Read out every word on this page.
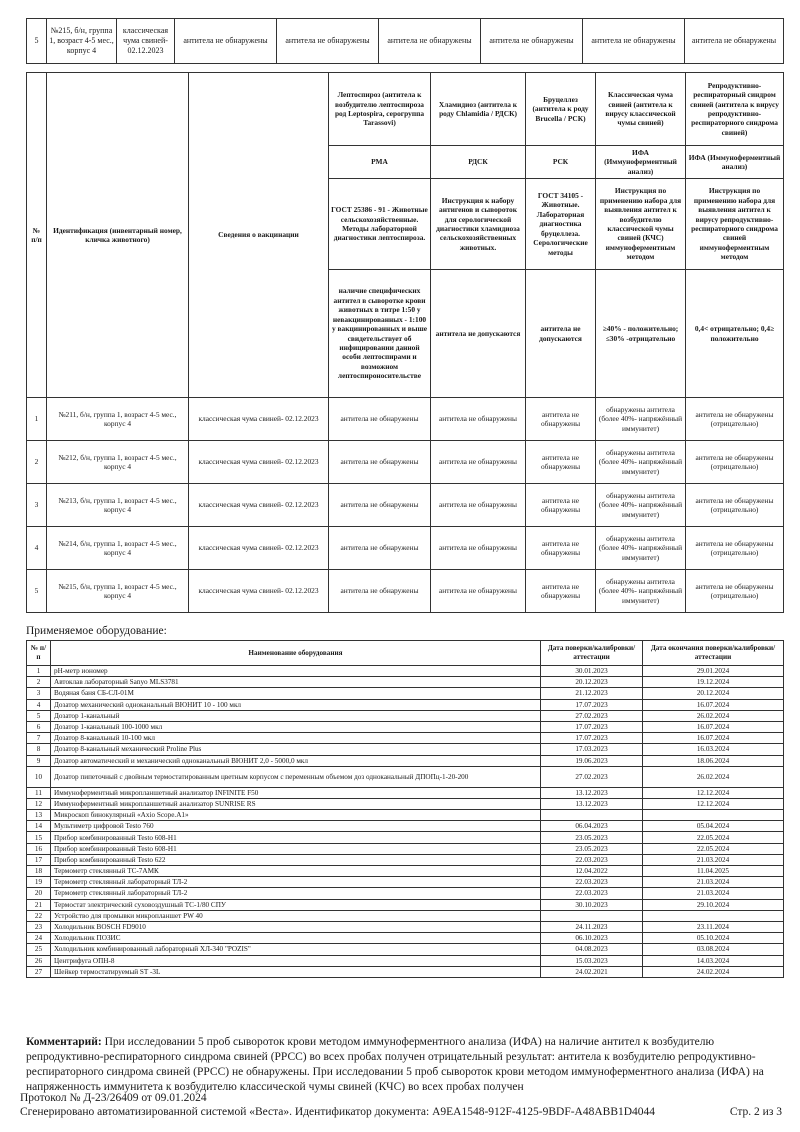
5	№215, б/н, группа 1, возраст 4-5 мес., корпус 4	классическая чума свиней- 02.12.2023	антитела не обнаружены	антитела не обнаружены	антитела не обнаружены	антитела не обнаружены	антитела не обнаружены	антитела не обнаружены
№ п/п	Идентификация (инвентарный номер, кличка животного)	Сведения о вакцинации	Лептоспироз (антитела к возбудителю лептоспироза род Leptospira, серогруппа Tarassovi)	Хламидиоз (антитела к роду Chlamidia / РДСК)	Бруцеллез (антитела к роду Brucella / РСК)	Классическая чума свиней (антитела к вирусу классической чумы свиней)	Репродуктивно-респираторный синдром свиней (антитела к вирусу репродуктивно-респираторного синдрома свиней)
			РМА	РДСК	РСК	ИФА (Иммуноферментный анализ)	ИФА (Иммуноферментный анализ)
			ГОСТ 25386 - 91 - Животные сельскохозяйственные. Методы лабораторной диагностики лептоспироза.	Инструкция к набору антигенов и сывороток для серологической диагностики хламидиоза сельскохозяйственных животных.	ГОСТ 34105 - Животные. Лабораторная диагностика бруцеллеза. Серологические методы	Инструкция по применению набора для выявления антител к возбудителю классической чумы свиней (КЧС) иммуноферментным методом	Инструкция по применению набора для выявления антител к вирусу репродуктивно-респираторного синдрома свиней иммуноферментным методом
			наличие специфических антител в сыворотке крови животных в титре 1:50 у невакцинированных - 1:100 у вакцинированных и выше свидетельствует об инфицировании данной особи лептоспирами и возможном лептоспироносительстве	антитела не допускаются	антитела не допускаются	≥40% - положительно; ≤30% -отрицательно	0,4< отрицательно; 0,4≥ положительно
1	№211, б/н, группа 1, возраст 4-5 мес., корпус 4	классическая чума свиней- 02.12.2023	антитела не обнаружены	антитела не обнаружены	антитела не обнаружены	обнаружены антитела (более 40%- напряжённый иммунитет)	антитела не обнаружены (отрицательно)
2	№212, б/н, группа 1, возраст 4-5 мес., корпус 4	классическая чума свиней- 02.12.2023	антитела не обнаружены	антитела не обнаружены	антитела не обнаружены	обнаружены антитела (более 40%- напряжённый иммунитет)	антитела не обнаружены (отрицательно)
3	№213, б/н, группа 1, возраст 4-5 мес., корпус 4	классическая чума свиней- 02.12.2023	антитела не обнаружены	антитела не обнаружены	антитела не обнаружены	обнаружены антитела (более 40%- напряжённый иммунитет)	антитела не обнаружены (отрицательно)
4	№214, б/н, группа 1, возраст 4-5 мес., корпус 4	классическая чума свиней- 02.12.2023	антитела не обнаружены	антитела не обнаружены	антитела не обнаружены	обнаружены антитела (более 40%- напряжённый иммунитет)	антитела не обнаружены (отрицательно)
5	№215, б/н, группа 1, возраст 4-5 мес., корпус 4	классическая чума свиней- 02.12.2023	антитела не обнаружены	антитела не обнаружены	антитела не обнаружены	обнаружены антитела (более 40%- напряжённый иммунитет)	антитела не обнаружены (отрицательно)
Применяемое оборудование:
№ п/п	Наименование оборудования	Дата поверки/калибровки/аттестации	Дата окончания поверки/калибровки/аттестации
1	pH-метр иономер	30.01.2023	29.01.2024
2	Автоклав лабораторный Sanyo MLS3781	20.12.2023	19.12.2024
3	Водяная баня СБ-СЛ-01М	21.12.2023	20.12.2024
4	Дозатор механический одноканальный ВЮНИТ 10 - 100 мкл	17.07.2023	16.07.2024
5	Дозатор 1-канальный	27.02.2023	26.02.2024
6	Дозатор 1-канальный 100-1000 мкл	17.07.2023	16.07.2024
7	Дозатор 8-канальный 10-100 мкл	17.07.2023	16.07.2024
8	Дозатор 8-канальный механический Proline Plus	17.03.2023	16.03.2024
9	Дозатор автоматический и механический одноканальный ВЮНИТ 2,0 - 5000,0 мкл	19.06.2023	18.06.2024
10	Дозатор пипеточный с двойным термостатированным цветным корпусом с переменным объемом доз одноканальный ДПОПц-1-20-200	27.02.2023	26.02.2024
11	Иммуноферментный микропланшетный анализатор INFINITE F50	13.12.2023	12.12.2024
12	Иммуноферментный микропланшетный анализатор SUNRISE RS	13.12.2023	12.12.2024
13	Микроскоп бинокулярный «Axio Scope.A1»		
14	Мультиметр цифровой Testo 760	06.04.2023	05.04.2024
15	Прибор комбинированный Testo 608-H1	23.05.2023	22.05.2024
16	Прибор комбинированный Testo 608-H1	23.05.2023	22.05.2024
17	Прибор комбинированный Testo 622	22.03.2023	21.03.2024
18	Термометр стеклянный ТС-7АМК	12.04.2022	11.04.2025
19	Термометр стеклянный лабораторный ТЛ-2	22.03.2023	21.03.2024
20	Термометр стеклянный лабораторный ТЛ-2	22.03.2023	21.03.2024
21	Термостат электрический суховоздушный ТС-1/80 СПУ	30.10.2023	29.10.2024
22	Устройство для промывки микропланшет PW 40		
23	Холодильник BOSCH FD9010	24.11.2023	23.11.2024
24	Холодильник ПОЗИС	06.10.2023	05.10.2024
25	Холодильник комбинированный лабораторный ХЛ-340 "POZIS"	04.08.2023	03.08.2024
26	Центрифуга ОПН-8	15.03.2023	14.03.2024
27	Шейкер термостатируемый ST -3L	24.02.2021	24.02.2024
Комментарий: При исследовании 5 проб сывороток крови методом иммуноферментного анализа (ИФА) на наличие антител к возбудителю репродуктивно-респираторного синдрома свиней (РРСС) во всех пробах получен отрицательный результат: антитела к возбудителю репродуктивно-респираторного синдрома свиней (РРСС) не обнаружены. При исследовании 5 проб сывороток крови методом иммуноферментного анализа (ИФА) на напряженность иммунитета к возбудителю классической чумы свиней (КЧС) во всех пробах получен
Протокол № Д-23/26409 от 09.01.2024
Сгенерировано автоматизированной системой «Веста». Идентификатор документа: A9EA1548-912F-4125-9BDF-A48ABB1D4044	Стр. 2 из 3
